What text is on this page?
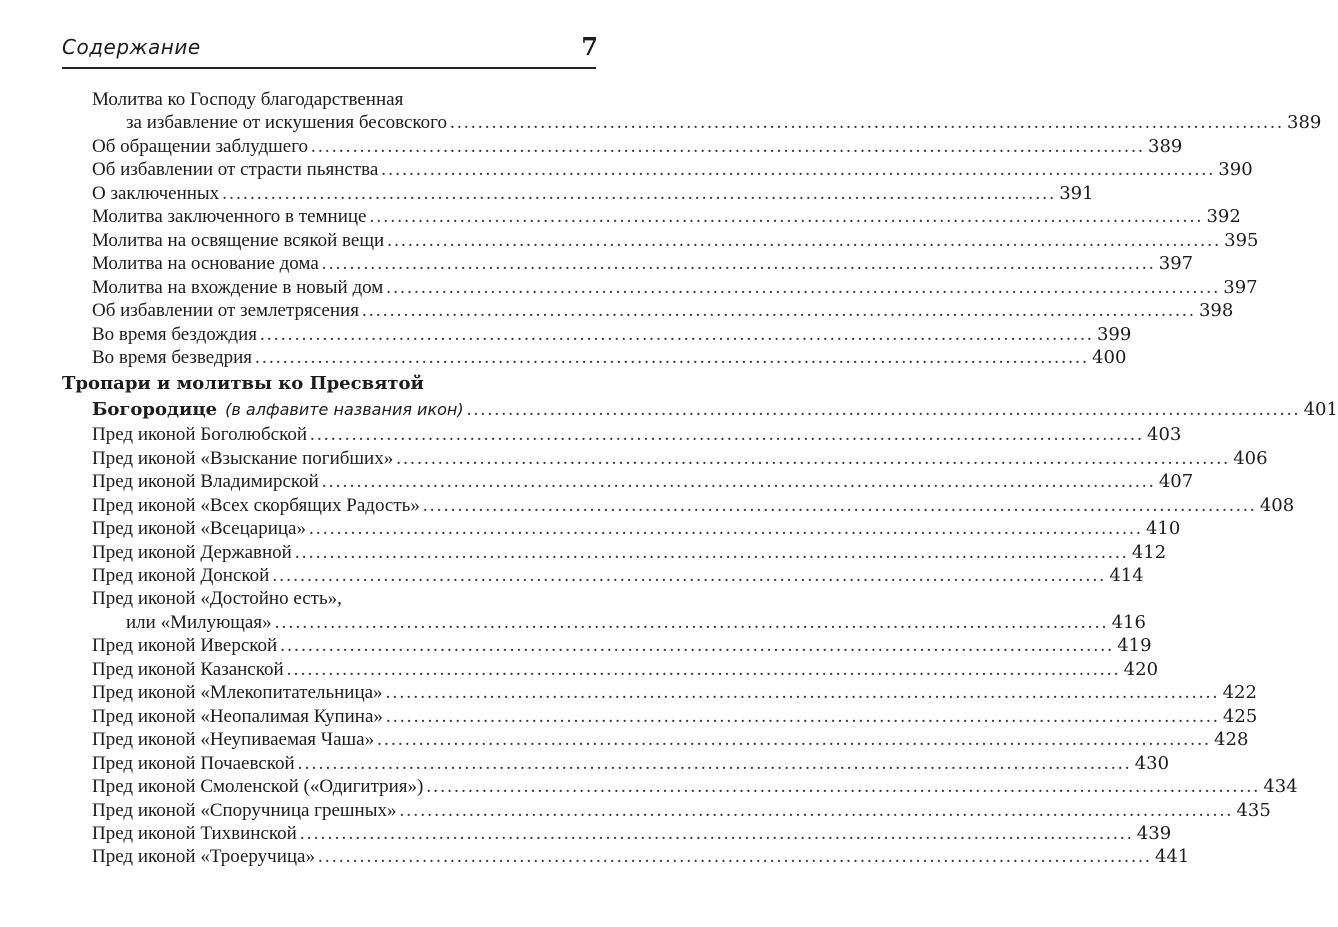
Содержание	7
Молитва ко Господу благодарственная
за избавление от искушения бесовского ........................................................................................................................ 389
Об обращении заблудшего ........................................................................................................................ 389
Об избавлении от страсти пьянства ........................................................................................................................ 390
О заключенных ........................................................................................................................ 391
Молитва заключенного в темнице ........................................................................................................................ 392
Молитва на освящение всякой вещи ........................................................................................................................ 395
Молитва на основание дома ........................................................................................................................ 397
Молитва на вхождение в новый дом ........................................................................................................................ 397
Об избавлении от землетрясения ........................................................................................................................ 398
Во время бездождия ........................................................................................................................ 399
Во время безведрия ........................................................................................................................ 400
Тропари и молитвы ко Пресвятой
Богородице (в алфавите названия икон) ........................................................................................................................ 401
Пред иконой Боголюбской ........................................................................................................................ 403
Пред иконой «Взыскание погибших» ........................................................................................................................ 406
Пред иконой Владимирской ........................................................................................................................ 407
Пред иконой «Всех скорбящих Радость» ........................................................................................................................ 408
Пред иконой «Всецарица» ........................................................................................................................ 410
Пред иконой Державной ........................................................................................................................ 412
Пред иконой Донской ........................................................................................................................ 414
Пред иконой «Достойно есть»,
или «Милующая» ........................................................................................................................ 416
Пред иконой Иверской ........................................................................................................................ 419
Пред иконой Казанской ........................................................................................................................ 420
Пред иконой «Млекопитательница» ........................................................................................................................ 422
Пред иконой «Неопалимая Купина» ........................................................................................................................ 425
Пред иконой «Неупиваемая Чаша» ........................................................................................................................ 428
Пред иконой Почаевской ........................................................................................................................ 430
Пред иконой Смоленской («Одигитрия») ........................................................................................................................ 434
Пред иконой «Споручница грешных» ........................................................................................................................ 435
Пред иконой Тихвинской ........................................................................................................................ 439
Пред иконой «Троеручица» ........................................................................................................................ 441
